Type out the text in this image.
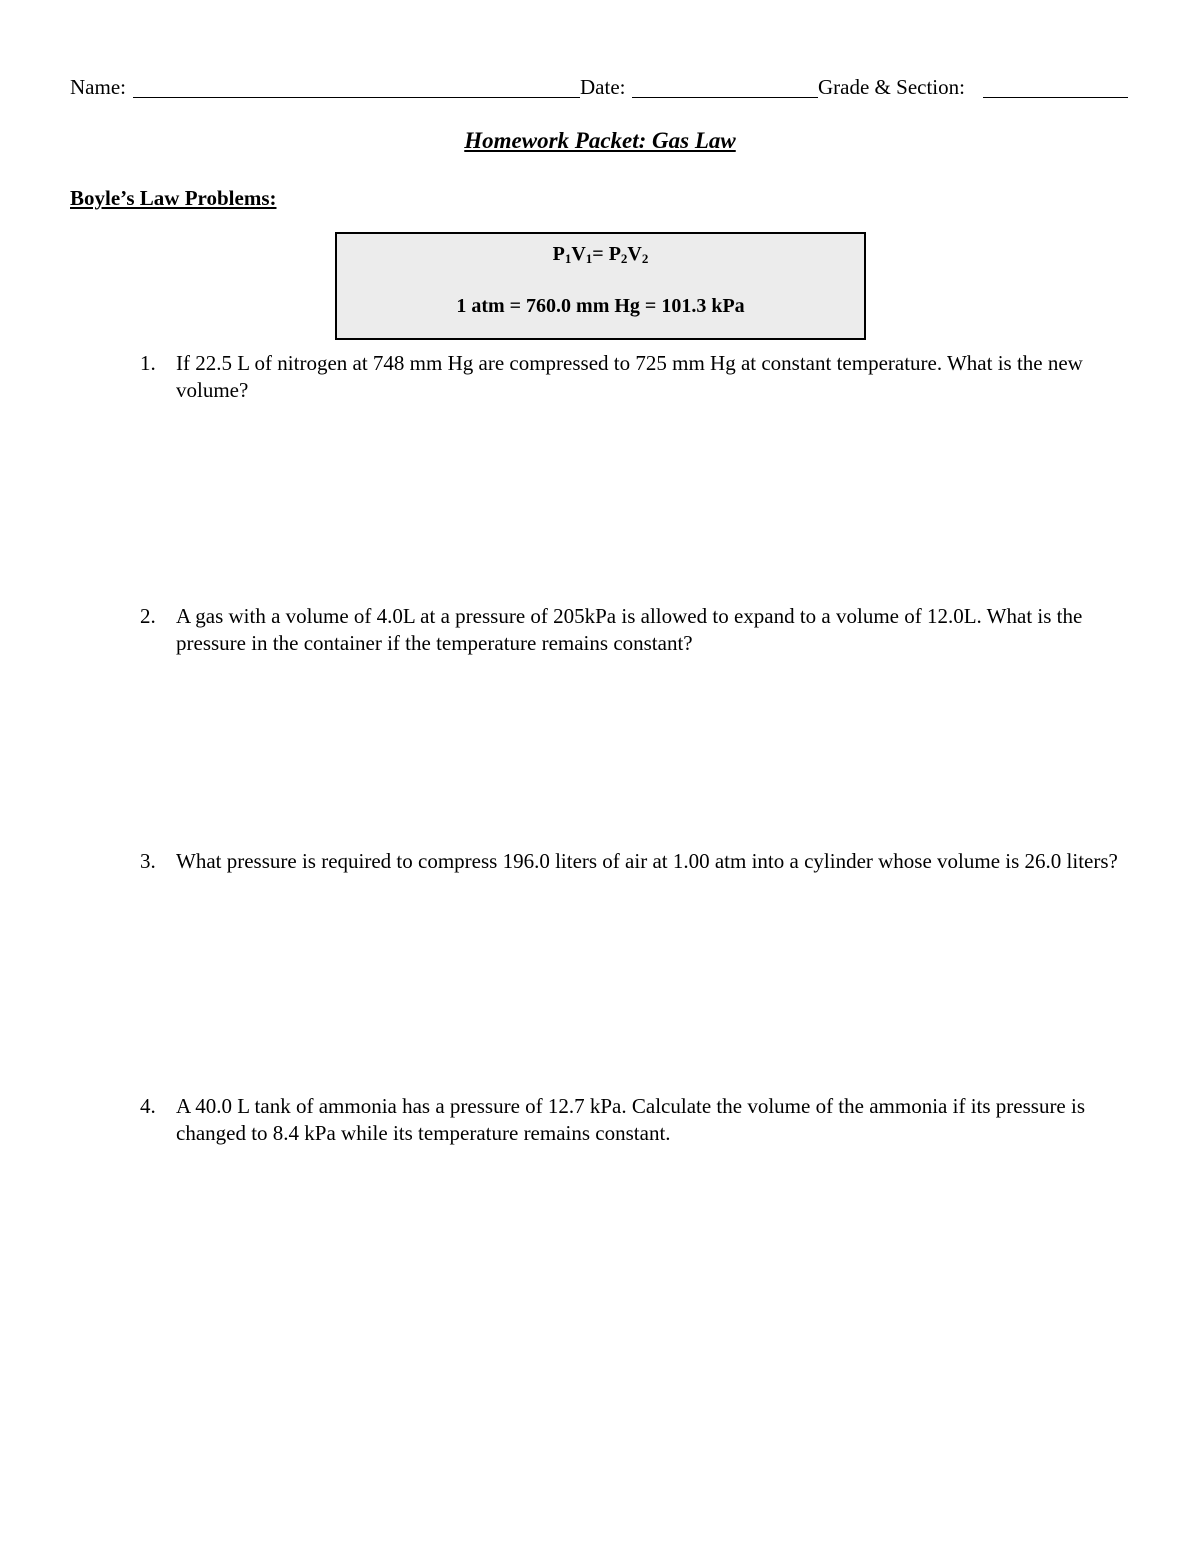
Name:	Date:	Grade & Section:
Homework Packet: Gas Law
Boyle’s Law Problems:
$P_1V_1= P_2V_2$
1 atm = 760.0 mm Hg = 101.3 kPa
1. If 22.5 L of nitrogen at 748 mm Hg are compressed to 725 mm Hg at constant temperature. What is the new volume?
2. A gas with a volume of 4.0L at a pressure of 205kPa is allowed to expand to a volume of 12.0L. What is the pressure in the container if the temperature remains constant?
3. What pressure is required to compress 196.0 liters of air at 1.00 atm into a cylinder whose volume is 26.0 liters?
4. A 40.0 L tank of ammonia has a pressure of 12.7 kPa. Calculate the volume of the ammonia if its pressure is changed to 8.4 kPa while its temperature remains constant.
